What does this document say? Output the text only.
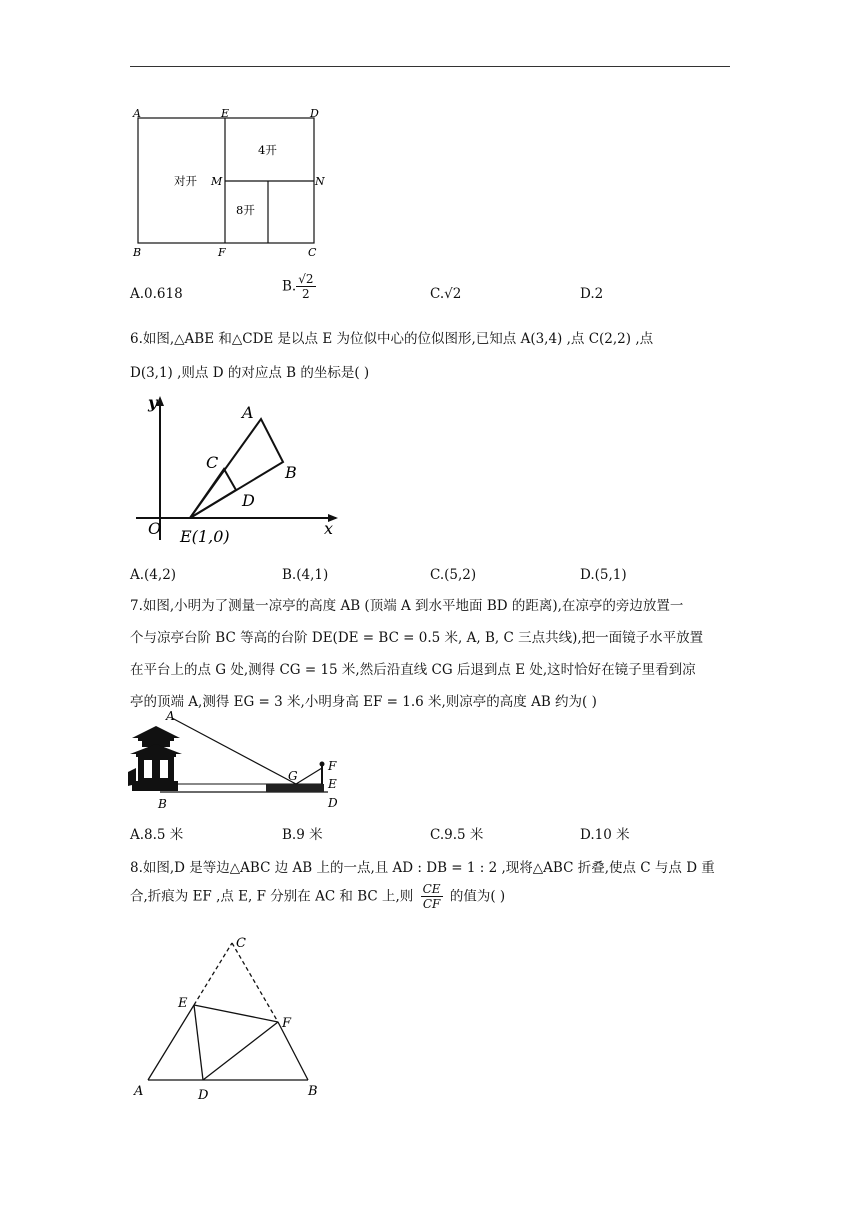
A	E	D
M	N
B	F	C
对开
4开
8开
A.0.618	B. $\frac{√2}{2}$	C.√2	D.2
6.如图,△ABE 和△CDE 是以点 E 为位似中心的位似图形,已知点 A(3,4) ,点 C(2,2) ,点
D(3,1) ,则点 D 的对应点 B 的坐标是( )
y
x
O E(1,0)
A
B
C
D
A.(4,2)	B.(4,1)	C.(5,2)	D.(5,1)
7.如图,小明为了测量一凉亭的高度 AB (顶端 A 到水平地面 BD 的距离),在凉亭的旁边放置一
个与凉亭台阶 BC 等高的台阶 DE(DE = BC = 0.5 米, A, B, C 三点共线),把一面镜子水平放置
在平台上的点 G 处,测得 CG = 15 米,然后沿直线 CG 后退到点 E 处,这时恰好在镜子里看到凉
亭的顶端 A,测得 EG = 3 米,小明身高 EF = 1.6 米,则凉亭的高度 AB 约为( )
A
G
F
E
B	D
A.8.5 米	B.9 米	C.9.5 米	D.10 米
8.如图,D 是等边△ABC 边 AB 上的一点,且 AD : DB = 1 : 2 ,现将△ABC 折叠,使点 C 与点 D 重
合,折痕为 EF ,点 E, F 分别在 AC 和 BC 上,则 $\frac{CE}{CF}$ 的值为( )
C
E
F
A	D	B
